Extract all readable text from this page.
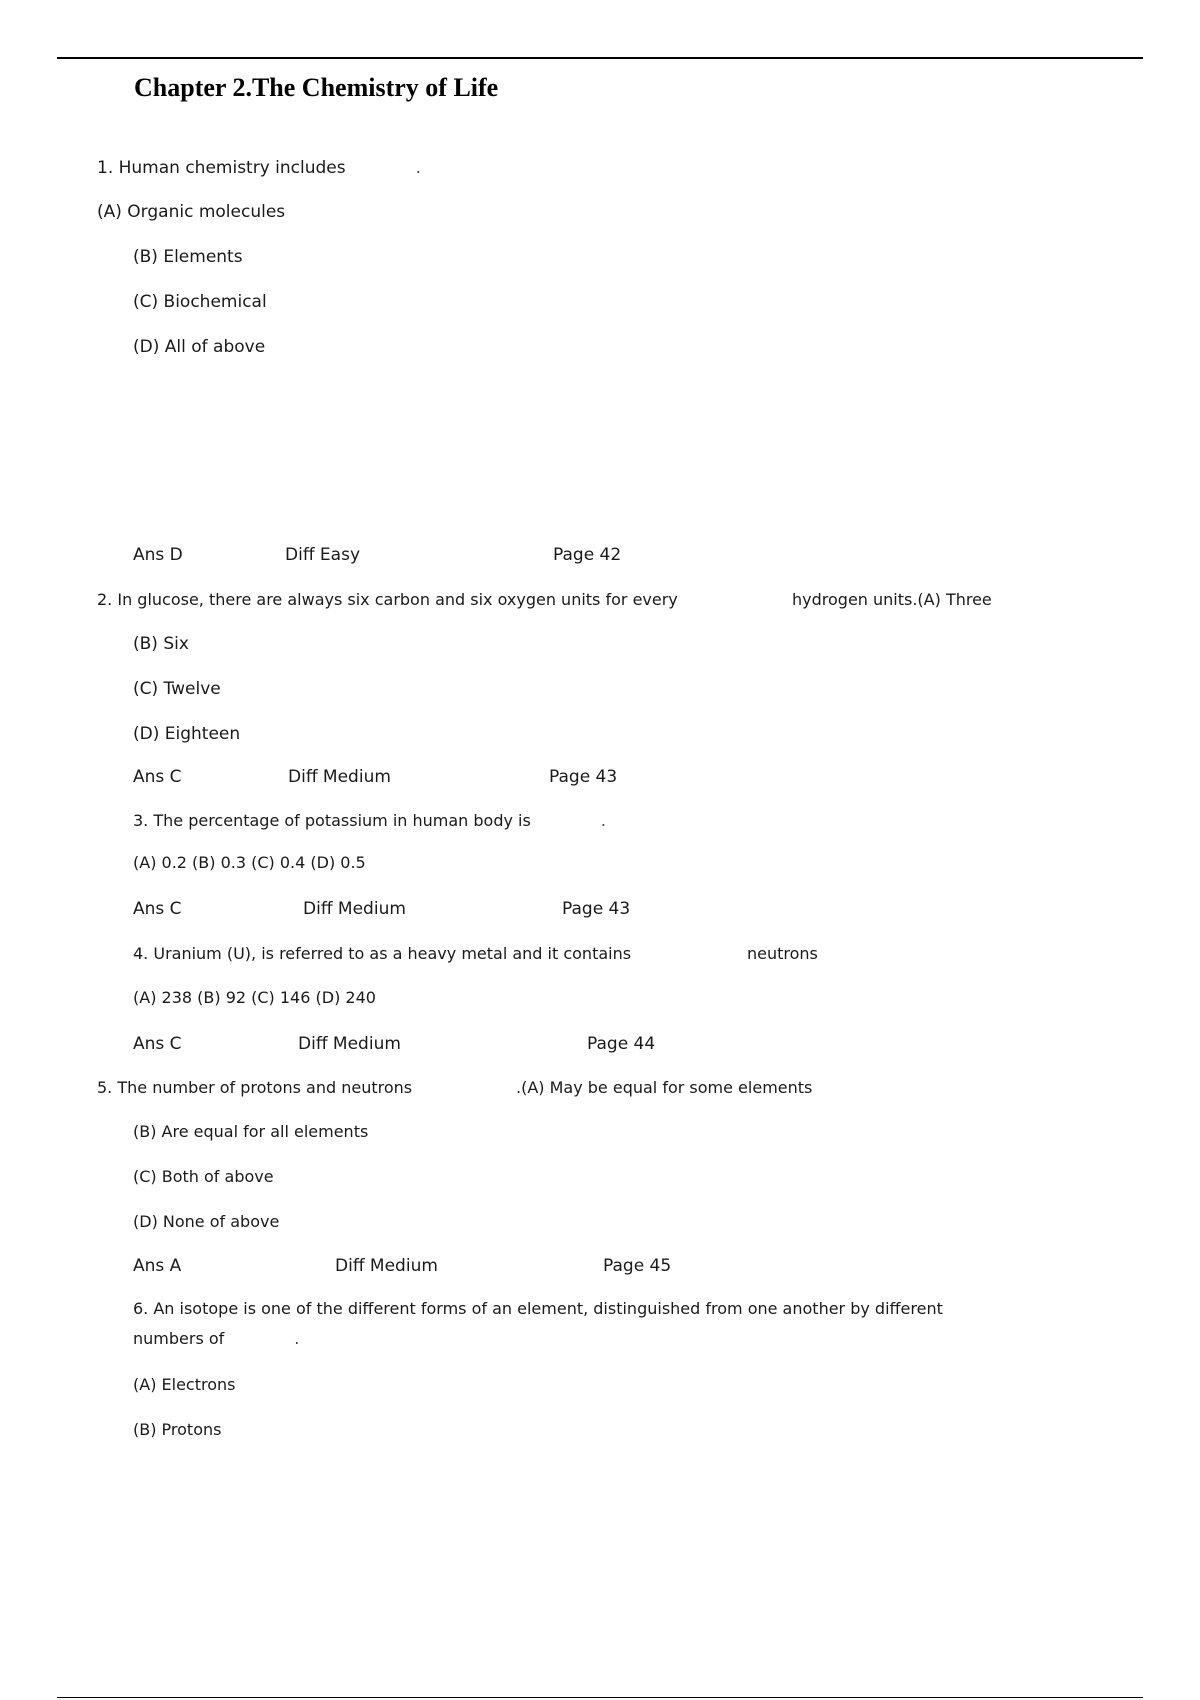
Chapter 2.The Chemistry of Life
1. Human chemistry includes	.
(A) Organic molecules
(B) Elements
(C) Biochemical
(D) All of above
Ans D	Diff Easy	Page 42
2. In glucose, there are always six carbon and six oxygen units for every	hydrogen units.(A) Three
(B) Six
(C) Twelve
(D) Eighteen
Ans C	Diff Medium	Page 43
3. The percentage of potassium in human body is	.
(A) 0.2 (B) 0.3 (C) 0.4 (D) 0.5
Ans C	Diff Medium	Page 43
4. Uranium (U), is referred to as a heavy metal and it contains	neutrons
(A) 238 (B) 92 (C) 146 (D) 240
Ans C	Diff Medium	Page 44
5. The number of protons and neutrons	.(A) May be equal for some elements
(B) Are equal for all elements
(C) Both of above
(D) None of above
Ans A	Diff Medium	Page 45
6. An isotope is one of the different forms of an element, distinguished from one another by different
numbers of	.
(A) Electrons
(B) Protons
